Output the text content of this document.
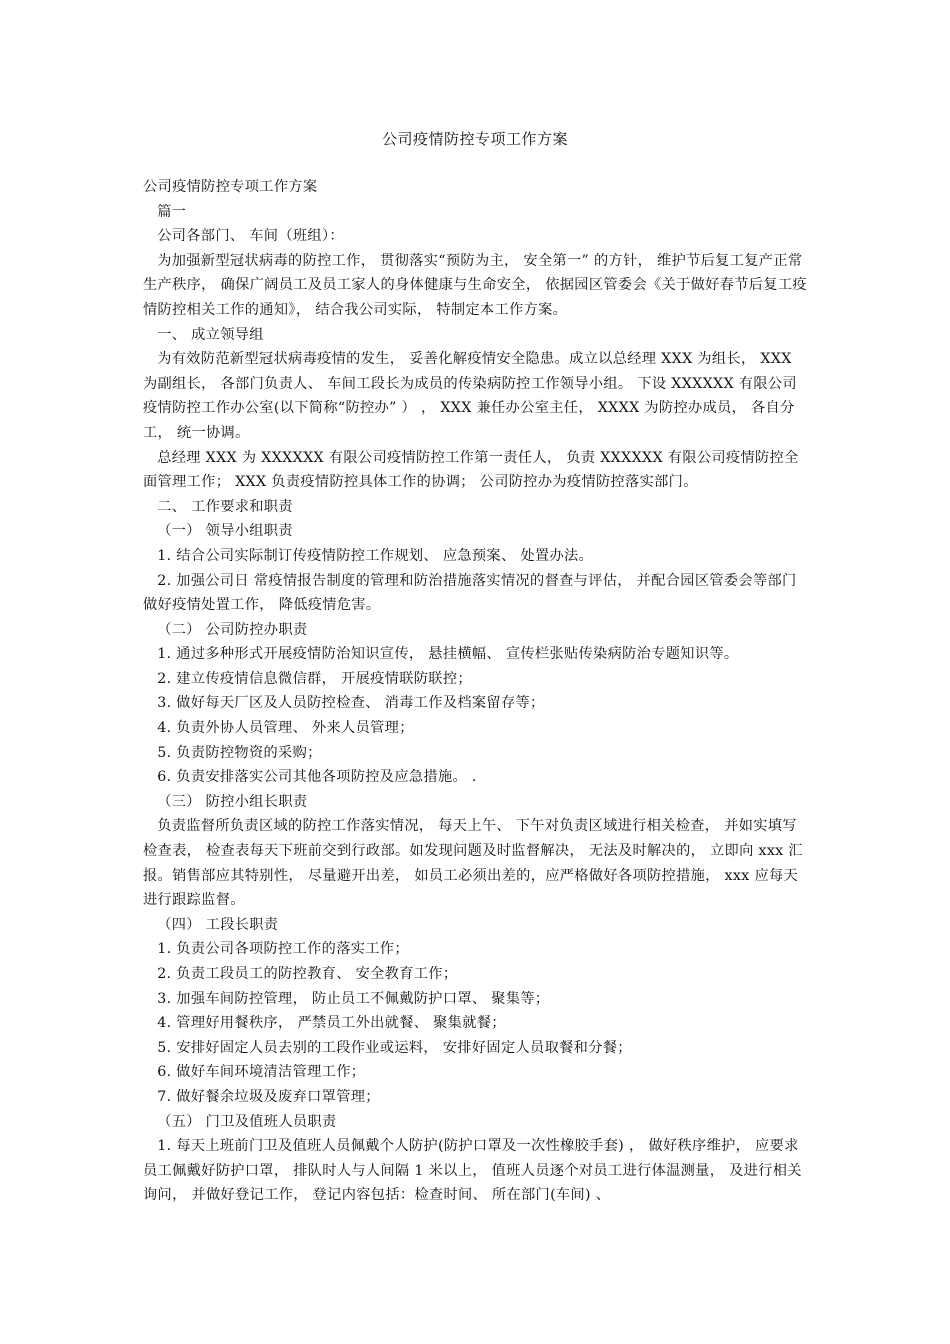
公司疫情防控专项工作方案

公司疫情防控专项工作方案

篇一

公司各部门、 车间（班组）：

为加强新型冠状病毒的防控工作， 贯彻落实“预防为主， 安全第一” 的方针， 维护节后复工复产正常生产秩序， 确保广阔员工及员工家人的身体健康与生命安全， 依据园区管委会《关于做好春节后复工疫情防控相关工作的通知》， 结合我公司实际， 特制定本工作方案。

一、 成立领导组

为有效防范新型冠状病毒疫情的发生， 妥善化解疫情安全隐患。成立以总经理 XXX 为组长， XXX 为副组长， 各部门负责人、 车间工段长为成员的传染病防控工作领导小组。 下设 XXXXXX 有限公司疫情防控工作办公室(以下简称“防控办” ） ， XXX 兼任办公室主任， XXXX 为防控办成员， 各自分工， 统一协调。

总经理 XXX 为 XXXXXX 有限公司疫情防控工作第一责任人， 负责 XXXXXX 有限公司疫情防控全面管理工作； XXX 负责疫情防控具体工作的协调； 公司防控办为疫情防控落实部门。

二、 工作要求和职责

（一） 领导小组职责

1. 结合公司实际制订传疫情防控工作规划、 应急预案、 处置办法。

2. 加强公司日 常疫情报告制度的管理和防治措施落实情况的督查与评估， 并配合园区管委会等部门做好疫情处置工作， 降低疫情危害。

（二） 公司防控办职责

1. 通过多种形式开展疫情防治知识宣传， 悬挂横幅、 宣传栏张贴传染病防治专题知识等。

2. 建立传疫情信息微信群， 开展疫情联防联控；

3. 做好每天厂区及人员防控检查、 消毒工作及档案留存等；

4. 负责外协人员管理、 外来人员管理；

5. 负责防控物资的采购；

6. 负责安排落实公司其他各项防控及应急措施。 .

（三） 防控小组长职责

负责监督所负责区域的防控工作落实情况， 每天上午、 下午对负责区域进行相关检查， 并如实填写检查表， 检查表每天下班前交到行政部。如发现问题及时监督解决， 无法及时解决的， 立即向 xxx 汇报。销售部应其特别性， 尽量避开出差， 如员工必须出差的，应严格做好各项防控措施， xxx 应每天进行跟踪监督。

（四） 工段长职责

1. 负责公司各项防控工作的落实工作；

2. 负责工段员工的防控教育、 安全教育工作；

3. 加强车间防控管理， 防止员工不佩戴防护口罩、 聚集等；

4. 管理好用餐秩序， 严禁员工外出就餐、 聚集就餐；

5. 安排好固定人员去别的工段作业或运料， 安排好固定人员取餐和分餐；

6. 做好车间环境清洁管理工作；

7. 做好餐余垃圾及废弃口罩管理；

（五） 门卫及值班人员职责

1. 每天上班前门卫及值班人员佩戴个人防护(防护口罩及一次性橡胶手套) ， 做好秩序维护， 应要求员工佩戴好防护口罩， 排队时人与人间隔 1 米以上， 值班人员逐个对员工进行体温测量， 及进行相关询问， 并做好登记工作， 登记内容包括：检查时间、 所在部门(车间) 、
